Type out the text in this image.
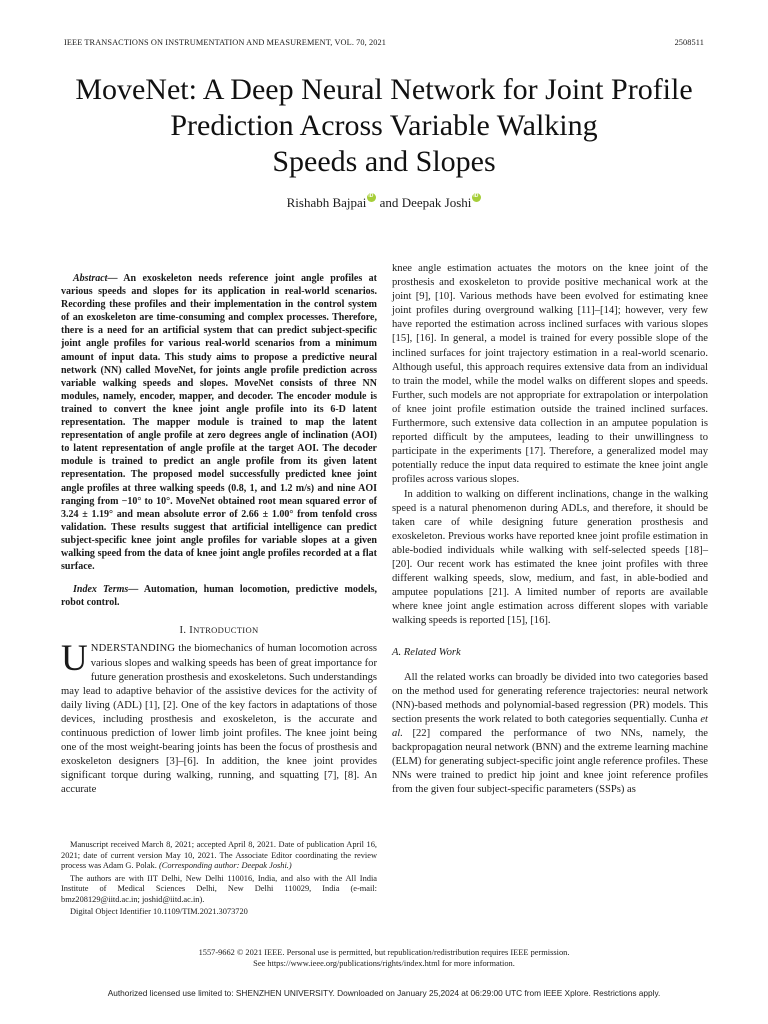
IEEE TRANSACTIONS ON INSTRUMENTATION AND MEASUREMENT, VOL. 70, 2021	2508511
MoveNet: A Deep Neural Network for Joint Profile
Prediction Across Variable Walking
Speeds and Slopes
Rishabh BajpaiiD and Deepak JoshiiD

Abstract— An exoskeleton needs reference joint angle profiles at various speeds and slopes for its application in real-world scenarios. Recording these profiles and their implementation in the control system of an exoskeleton are time-consuming and complex processes. Therefore, there is a need for an artificial system that can predict subject-specific joint angle profiles for various real-world scenarios from a minimum amount of input data. This study aims to propose a predictive neural network (NN) called MoveNet, for joints angle profile prediction across variable walking speeds and slopes. MoveNet consists of three NN modules, namely, encoder, mapper, and decoder. The encoder module is trained to convert the knee joint angle profile into its 6-D latent representation. The mapper module is trained to map the latent representation of angle profile at zero degrees angle of inclination (AOI) to latent representation of angle profile at the target AOI. The decoder module is trained to predict an angle profile from its given latent representation. The proposed model successfully predicted knee joint angle profiles at three walking speeds (0.8, 1, and 1.2 m/s) and nine AOI ranging from −10° to 10°. MoveNet obtained root mean squared error of 3.24 ± 1.19° and mean absolute error of 2.66 ± 1.00° from tenfold cross validation. These results suggest that artificial intelligence can predict subject-specific knee joint angle profiles for variable slopes at a given walking speed from the data of knee joint angle profiles recorded at a flat surface.

Index Terms— Automation, human locomotion, predictive models, robot control.

I. INTRODUCTION

UNDERSTANDING the biomechanics of human locomotion across various slopes and walking speeds has been of great importance for future generation prosthesis and exoskeletons. Such understandings may lead to adaptive behavior of the assistive devices for the activity of daily living (ADL) [1], [2]. One of the key factors in adaptations of those devices, including prosthesis and exoskeleton, is the accurate and continuous prediction of lower limb joint profiles. The knee joint being one of the most weight-bearing joints has been the focus of prosthesis and exoskeleton designers [3]–[6]. In addition, the knee joint provides significant torque during walking, running, and squatting [7], [8]. An accurate

Manuscript received March 8, 2021; accepted April 8, 2021. Date of publication April 16, 2021; date of current version May 10, 2021. The Associate Editor coordinating the review process was Adam G. Polak. (Corresponding author: Deepak Joshi.)

The authors are with IIT Delhi, New Delhi 110016, India, and also with the All India Institute of Medical Sciences Delhi, New Delhi 110029, India (e-mail: bmz208129@iitd.ac.in; joshid@iitd.ac.in).

Digital Object Identifier 10.1109/TIM.2021.3073720

knee angle estimation actuates the motors on the knee joint of the prosthesis and exoskeleton to provide positive mechanical work at the joint [9], [10]. Various methods have been evolved for estimating knee joint profiles during overground walking [11]–[14]; however, very few have reported the estimation across inclined surfaces with various slopes [15], [16]. In general, a model is trained for every possible slope of the inclined surfaces for joint trajectory estimation in a real-world scenario. Although useful, this approach requires extensive data from an individual to train the model, while the model walks on different slopes and speeds. Further, such models are not appropriate for extrapolation or interpolation of knee joint profile estimation outside the trained inclined surfaces. Furthermore, such extensive data collection in an amputee population is reported difficult by the amputees, leading to their unwillingness to participate in the experiments [17]. Therefore, a generalized model may potentially reduce the input data required to estimate the knee joint angle profiles across various slopes.

In addition to walking on different inclinations, change in the walking speed is a natural phenomenon during ADLs, and therefore, it should be taken care of while designing future generation prosthesis and exoskeleton. Previous works have reported knee joint profile estimation in able-bodied individuals while walking with self-selected speeds [18]–[20]. Our recent work has estimated the knee joint profiles with three different walking speeds, slow, medium, and fast, in able-bodied and amputee populations [21]. A limited number of reports are available where knee joint angle estimation across different slopes with variable walking speeds is reported [15], [16].

A. Related Work

All the related works can broadly be divided into two categories based on the method used for generating reference trajectories: neural network (NN)-based methods and polynomial-based regression (PR) models. This section presents the work related to both categories sequentially. Cunha et al. [22] compared the performance of two NNs, namely, the backpropagation neural network (BNN) and the extreme learning machine (ELM) for generating subject-specific joint angle reference profiles. These NNs were trained to predict hip joint and knee joint reference profiles from the given four subject-specific parameters (SSPs) as

1557-9662 © 2021 IEEE. Personal use is permitted, but republication/redistribution requires IEEE permission.
See https://www.ieee.org/publications/rights/index.html for more information.
Authorized licensed use limited to: SHENZHEN UNIVERSITY. Downloaded on January 25,2024 at 06:29:00 UTC from IEEE Xplore. Restrictions apply.
